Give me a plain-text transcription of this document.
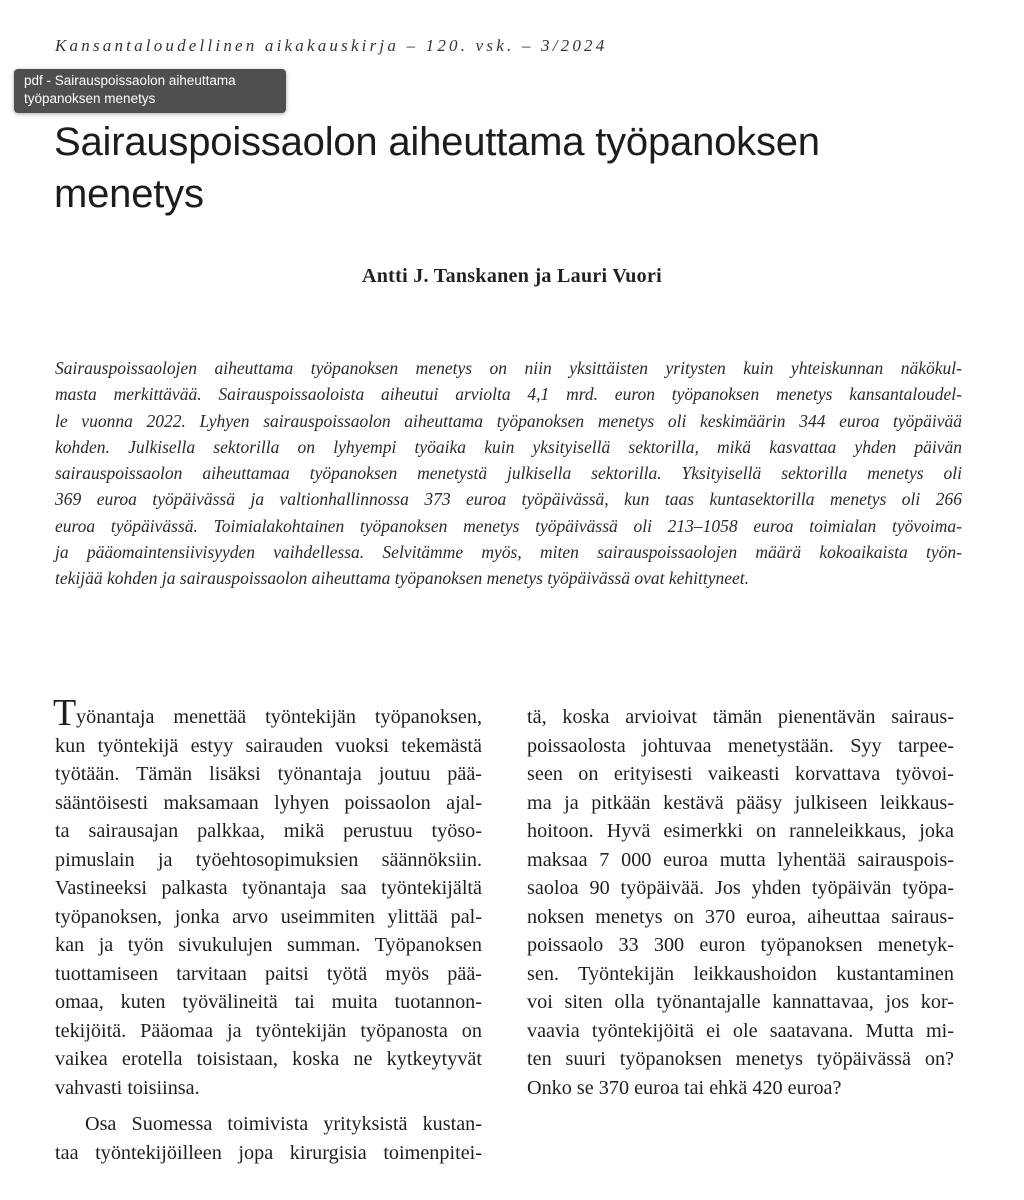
Kansantaloudellinen aikakauskirja – 120. vsk. – 3/2024
pdf - Sairauspoissaolon aiheuttama
työpanoksen menetys
Sairauspoissaolon aiheuttama työpanoksen
menetys
Antti J. Tanskanen ja Lauri Vuori
Sairauspoissaolojen aiheuttama työpanoksen menetys on niin yksittäisten yritysten kuin yhteiskunnan näkökul-
masta merkittävää. Sairauspoissaoloista aiheutui arviolta 4,1 mrd. euron työpanoksen menetys kansantaloudel-
le vuonna 2022. Lyhyen sairauspoissaolon aiheuttama työpanoksen menetys oli keskimäärin 344 euroa työpäivää
kohden. Julkisella sektorilla on lyhyempi työaika kuin yksityisellä sektorilla, mikä kasvattaa yhden päivän
sairauspoissaolon aiheuttamaa työpanoksen menetystä julkisella sektorilla. Yksityisellä sektorilla menetys oli
369 euroa työpäivässä ja valtionhallinnossa 373 euroa työpäivässä, kun taas kuntasektorilla menetys oli 266
euroa työpäivässä. Toimialakohtainen työpanoksen menetys työpäivässä oli 213–1058 euroa toimialan työvoima-
ja pääomaintensiivisyyden vaihdellessa. Selvitämme myös, miten sairauspoissaolojen määrä kokoaikaista työn-
tekijää kohden ja sairauspoissaolon aiheuttama työpanoksen menetys työpäivässä ovat kehittyneet.
T yönantaja menettää työntekijän työpanoksen,
kun työntekijä estyy sairauden vuoksi tekemästä
työtään. Tämän lisäksi työnantaja joutuu pää-
sääntöisesti maksamaan lyhyen poissaolon ajal-
ta sairausajan palkkaa, mikä perustuu työso-
pimuslain ja työehtosopimuksien säännöksiin.
Vastineeksi palkasta työnantaja saa työntekijältä
työpanoksen, jonka arvo useimmiten ylittää pal-
kan ja työn sivukulujen summan. Työpanoksen
tuottamiseen tarvitaan paitsi työtä myös pää-
omaa, kuten työvälineitä tai muita tuotannon-
tekijöitä. Pääomaa ja työntekijän työpanosta on
vaikea erotella toisistaan, koska ne kytkeytyvät
vahvasti toisiinsa.
Osa Suomessa toimivista yrityksistä kustan-
taa työntekijöilleen jopa kirurgisia toimenpitei-
tä, koska arvioivat tämän pienentävän sairaus-
poissaolosta johtuvaa menetystään. Syy tarpee-
seen on erityisesti vaikeasti korvattava työvoi-
ma ja pitkään kestävä pääsy julkiseen leikkaus-
hoitoon. Hyvä esimerkki on ranneleikkaus, joka
maksaa 7 000 euroa mutta lyhentää sairauspois-
saoloa 90 työpäivää. Jos yhden työpäivän työpa-
noksen menetys on 370 euroa, aiheuttaa sairaus-
poissaolo 33 300 euron työpanoksen menetyk-
sen. Työntekijän leikkaushoidon kustantaminen
voi siten olla työnantajalle kannattavaa, jos kor-
vaavia työntekijöitä ei ole saatavana. Mutta mi-
ten suuri työpanoksen menetys työpäivässä on?
Onko se 370 euroa tai ehkä 420 euroa?
